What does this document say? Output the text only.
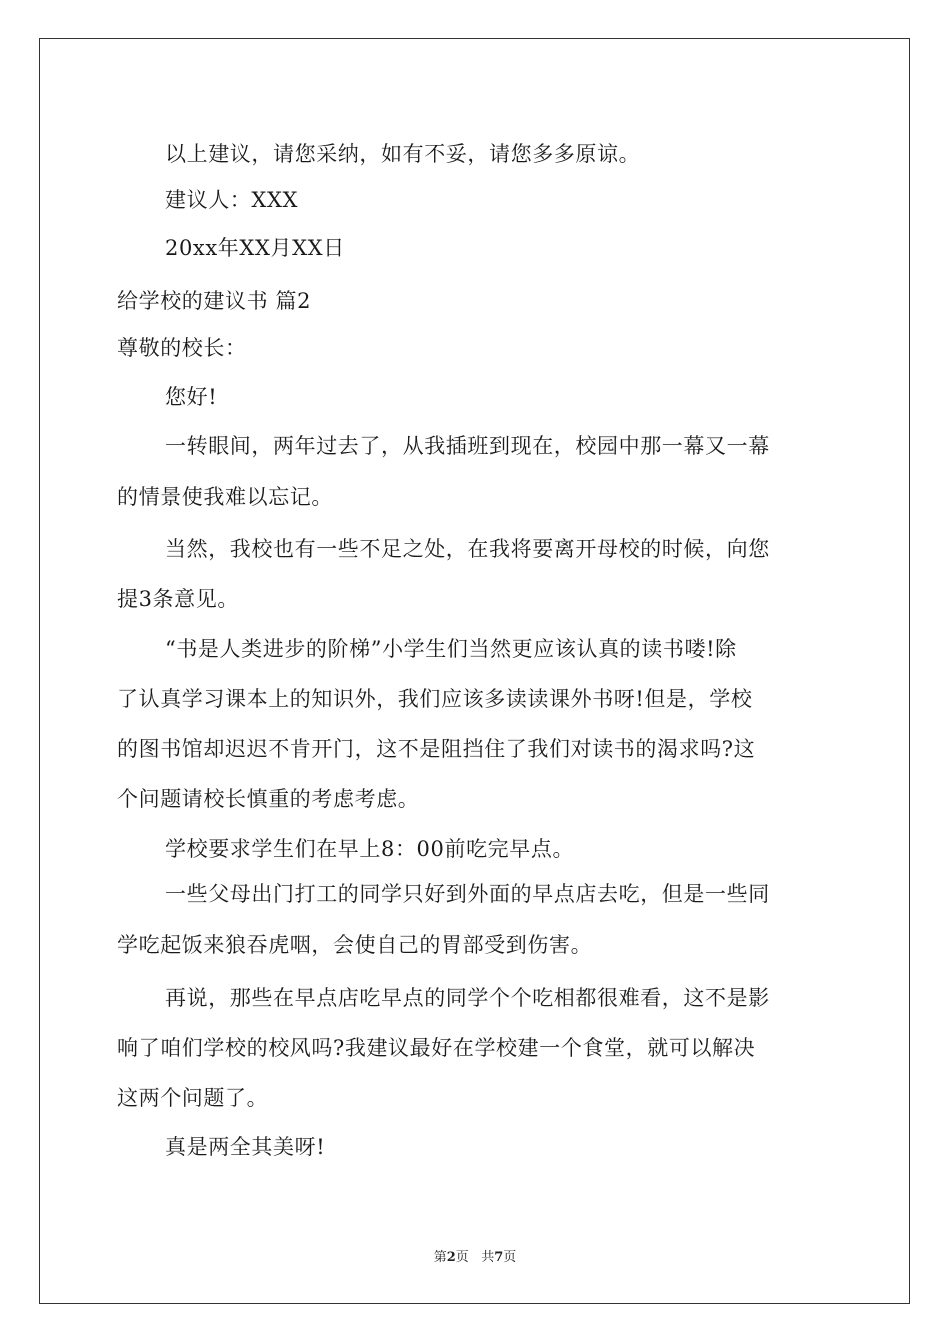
以上建议，请您采纳，如有不妥，请您多多原谅。
建议人：XXX
20xx年XX月XX日
给学校的建议书 篇2
尊敬的校长：
您好!
一转眼间，两年过去了，从我插班到现在，校园中那一幕又一幕
的情景使我难以忘记。
当然，我校也有一些不足之处，在我将要离开母校的时候，向您
提3条意见。
“书是人类进步的阶梯”小学生们当然更应该认真的读书喽!除
了认真学习课本上的知识外，我们应该多读读课外书呀!但是，学校
的图书馆却迟迟不肯开门，这不是阻挡住了我们对读书的渴求吗?这
个问题请校长慎重的考虑考虑。
学校要求学生们在早上8：00前吃完早点。
一些父母出门打工的同学只好到外面的早点店去吃，但是一些同
学吃起饭来狼吞虎咽，会使自己的胃部受到伤害。
再说，那些在早点店吃早点的同学个个吃相都很难看，这不是影
响了咱们学校的校风吗?我建议最好在学校建一个食堂，就可以解决
这两个问题了。
真是两全其美呀!
第2页 共7页
